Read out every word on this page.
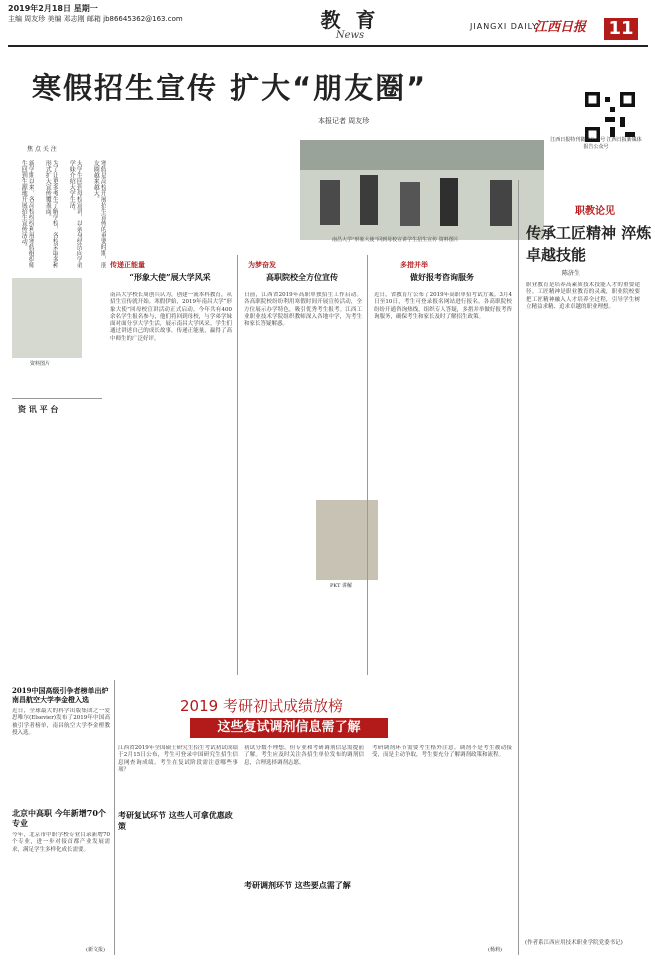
2019年2月18日 星期一
主编 周友珍 美编 邓志刚 邮箱 jb86645362@163.com	教 育
News
JIANGXI DAILY
江西日报 11
寒假招生宣传 扩大“朋友圈”
本报记者 周友珍
江西日报特刊微信公众号 江西日报新媒体报告公众号
焦 点 关 注
新学期以来，各高校纷纷利用寒假组织师生回到生源地开展招生宣传活动。	为了让更多考生了解学校，各校采取多种形式扩大宣传覆盖面。	大学生回到母校宣讲，以亲身经历向学弟学妹介绍大学生活。	寒假是高校开展招生宣传的重要时期，朋友圈越来越大。
资料图片
南昌大学“形象大使”回到母校宣讲学生招生宣传 资料图片
传递正能量
“形象大使”展大学风采
南昌大学校长周创兵认为，创建一流本科教育，从招生宣传就开始。寒假伊始，2019年南昌大学“形象大使”回母校宣讲活动正式启动。今年共有400余名学生报名参与，他们将回到母校，与学弟学妹面对面分享大学生活，展示南昌大学风采。学生们通过讲述自己的成长故事，传递正能量，赢得了高中师生的广泛好评。
为梦奋发
高职院校全方位宣传
日前，江西省2019年高职单独招生工作启动。各高职院校纷纷利用寒假时间开展宣传活动，全方位展示办学特色，吸引优秀考生报考。江西工业职业技术学院组织教师深入各地中学，为考生和家长答疑解惑。
PKT 讲解
多措并举
做好报考咨询服务
近日，省教育厅公布了2019年高职单招考试方案。3月4日至10日，考生可登录报名网站进行报名。各高职院校纷纷开通咨询热线，组织专人答疑，多措并举做好报考咨询服务，确保考生和家长及时了解招生政策。
资 讯 平 台
2019中国高级引争者榜单出炉 南昌航空大学李金橙入选
近日，全球最大的科学出版集团之一爱思唯尔(Elsevier)发布了2019年中国高被引学者榜单，南昌航空大学李金橙教授入选。
北京中高职 今年新增70个专业
今年，北京市中职学校专业目录新增70个专业，进一步对接首都产业发展需求，满足学生多样化成长需要。
(新文报)
2019 考研初试成绩放榜
这些复试调剂信息需了解
江西省2019年全国硕士研究生招生考试初试成绩于2月15日公布，考生可登录中国研究生招生信息网查询成绩。考生在复试阶段需注意哪些事项？
考研复试环节 这些人可拿优惠政策
初试分数不理想，但专业和考研调剂信息需提前了解。考生应及时关注各招生单位发布的调剂信息，合理选择调剂志愿。
考研调剂环节 这些要点需了解
考研调剂环节需要考生格外注意。调剂不是考生被动接受，而是主动争取，考生要充分了解调剂政策和流程。
(杨莉)
职教论见
传承工匠精神 淬炼卓越技能
陈济生
职业教育是培养高素质技术技能人才的重要途径。工匠精神是职业教育的灵魂，职业院校要把工匠精神融入人才培养全过程，引导学生树立精益求精、追求卓越的职业理想。
(作者系江西应用技术职业学院党委书记)
